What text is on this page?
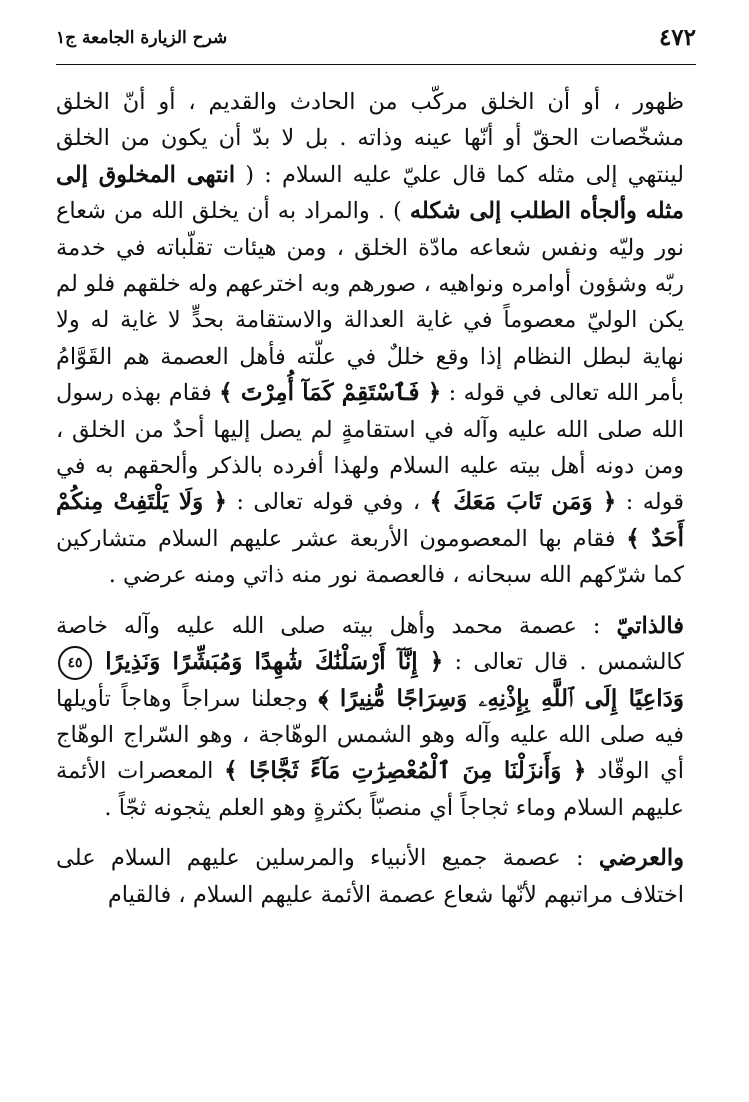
٤٧٢
شرح الزيارة الجامعة ج١

ظهور ، أو أن الخلق مركّب من الحادث والقديم ، أو أنّ الخلق مشخّصات الحقّ أو أنّها عينه وذاته . بل لا بدّ أن يكون من الخلق لينتهي إلى مثله كما قال عليّ عليه السلام : ( انتهى المخلوق إلى مثله وألجأه الطلب إلى شكله ) . والمراد به أن يخلق الله من شعاع نور وليّه ونفس شعاعه مادّة الخلق ، ومن هيئات تقلّباته في خدمة ربّه وشؤون أوامره ونواهيه ، صورهم وبه اخترعهم وله خلقهم فلو لم يكن الوليّ معصوماً في غاية العدالة والاستقامة بحدٍّ لا غاية له ولا نهاية لبطل النظام إذا وقع خللٌ في علّته فأهل العصمة هم القَوَّامُ بأمر الله تعالى في قوله : ﴿ فَٱسْتَقِمْ كَمَآ أُمِرْتَ ﴾ فقام بهذه رسول الله صلى الله عليه وآله في استقامةٍ لم يصل إليها أحدٌ من الخلق ، ومن دونه أهل بيته عليه السلام ولهذا أفرده بالذكر وألحقهم به في قوله : ﴿ وَمَن تَابَ مَعَكَ ﴾ ، وفي قوله تعالى : ﴿ وَلَا يَلْتَفِتْ مِنكُمْ أَحَدٌ ﴾ فقام بها المعصومون الأربعة عشر عليهم السلام متشاركين كما شرّكهم الله سبحانه ، فالعصمة نور منه ذاتي ومنه عرضي .

فالذاتيّ : عصمة محمد وأهل بيته صلى الله عليه وآله خاصة كالشمس . قال تعالى : ﴿ إِنَّآ أَرْسَلْنَٰكَ شَٰهِدًا وَمُبَشِّرًا وَنَذِيرًا ٤٥ وَدَاعِيًا إِلَى ٱللَّهِ بِإِذْنِهِۦ وَسِرَاجًا مُّنِيرًا ﴾ وجعلنا سراجاً وهاجاً تأويلها فيه صلى الله عليه وآله وهو الشمس الوهّاجة ، وهو السّراج الوهّاج أي الوقّاد ﴿ وَأَنزَلْنَا مِنَ ٱلْمُعْصِرَٰتِ مَآءً ثَجَّاجًا ﴾ المعصرات الأئمة عليهم السلام وماء ثجاجاً أي منصبّاً بكثرةٍ وهو العلم يثجونه ثجّاً .

والعرضي : عصمة جميع الأنبياء والمرسلين عليهم السلام على اختلاف مراتبهم لأنّها شعاع عصمة الأئمة عليهم السلام ، فالقيام
